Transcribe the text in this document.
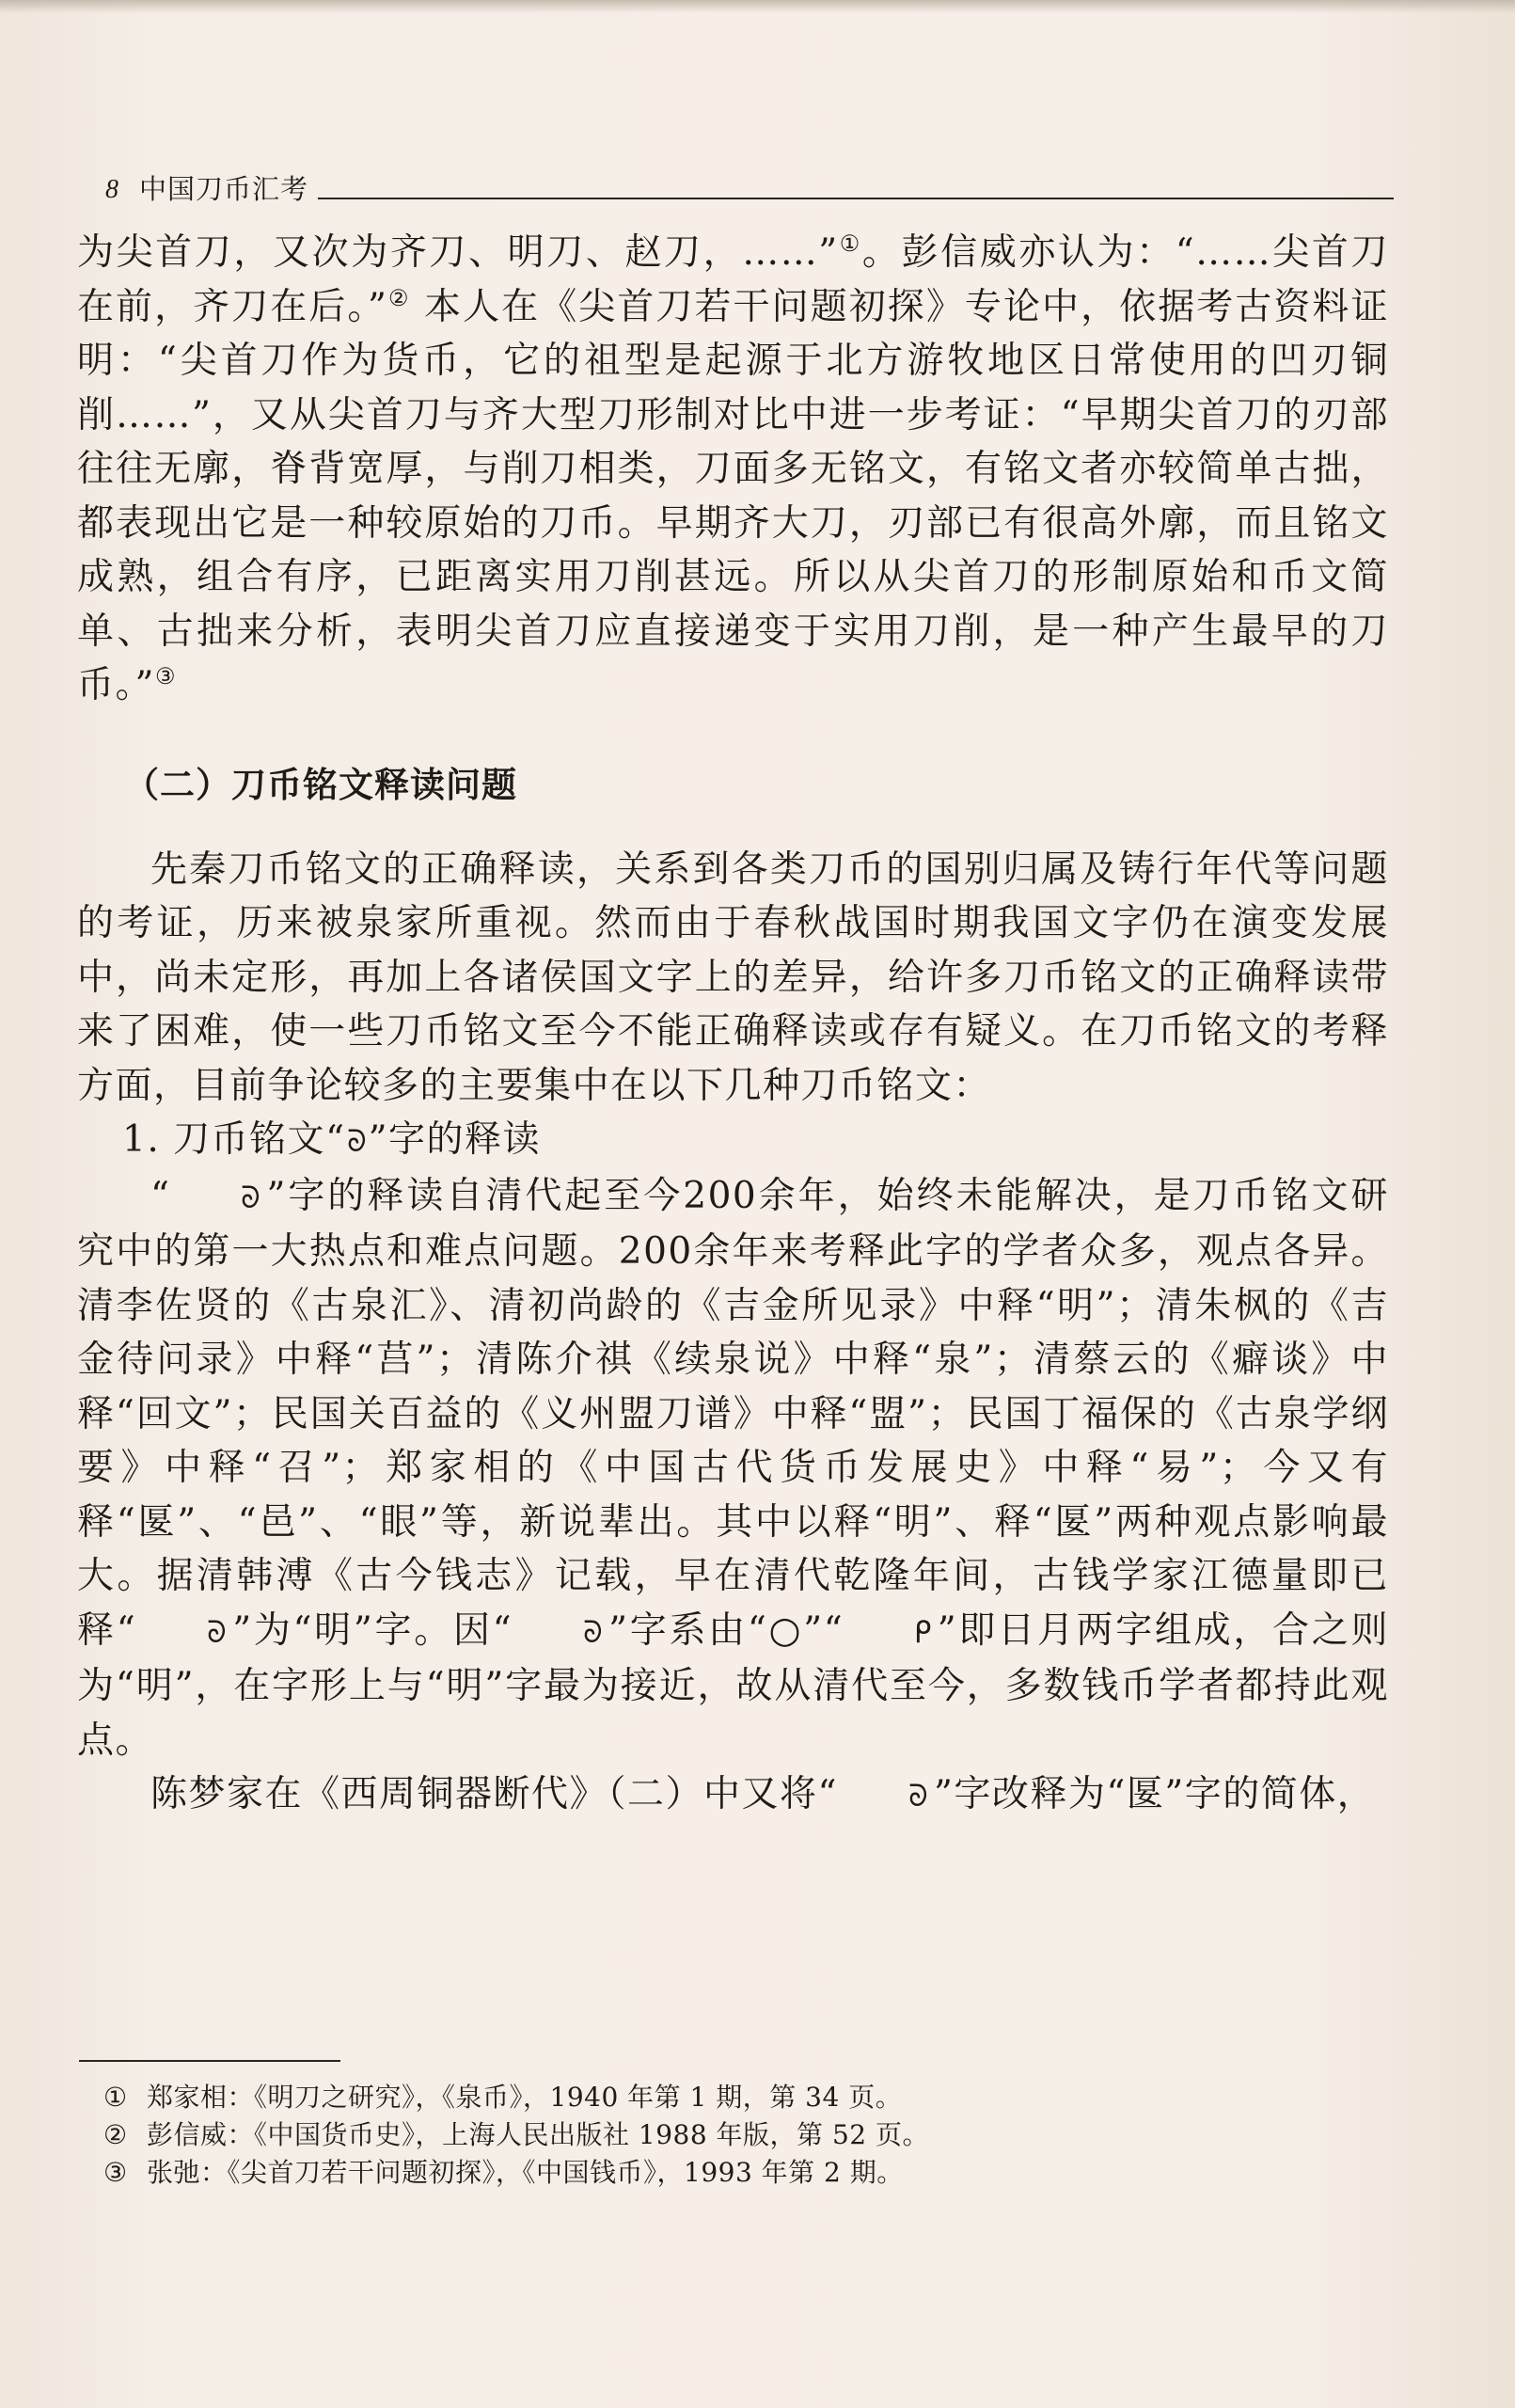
8 中国刀币汇考

为尖首刀，又次为齐刀、明刀、赵刀，……”①。彭信威亦认为：“……尖首刀在前，齐刀在后。”② 本人在《尖首刀若干问题初探》专论中，依据考古资料证明：“尖首刀作为货币，它的祖型是起源于北方游牧地区日常使用的凹刃铜削……”，又从尖首刀与齐大型刀形制对比中进一步考证：“早期尖首刀的刃部往往无廓，脊背宽厚，与削刀相类，刀面多无铭文，有铭文者亦较简单古拙，都表现出它是一种较原始的刀币。早期齐大刀，刃部已有很高外廓，而且铭文成熟，组合有序，已距离实用刀削甚远。所以从尖首刀的形制原始和币文简单、古拙来分析，表明尖首刀应直接递变于实用刀削，是一种产生最早的刀币。”③

（二）刀币铭文释读问题

先秦刀币铭文的正确释读，关系到各类刀币的国别归属及铸行年代等问题的考证，历来被泉家所重视。然而由于春秋战国时期我国文字仍在演变发展中，尚未定形，再加上各诸侯国文字上的差异，给许多刀币铭文的正确释读带来了困难，使一些刀币铭文至今不能正确释读或存有疑义。在刀币铭文的考释方面，目前争论较多的主要集中在以下几种刀币铭文：

1. 刀币铭文“ᘐ”字的释读

“ ᘐ ”字的释读自清代起至今200余年，始终未能解决，是刀币铭文研究中的第一大热点和难点问题。200余年来考释此字的学者众多，观点各异。清李佐贤的《古泉汇》、清初尚龄的《吉金所见录》中释“明”；清朱枫的《吉金待问录》中释“莒”；清陈介祺《续泉说》中释“泉”；清蔡云的《癖谈》中释“回文”；民国关百益的《义州盟刀谱》中释“盟”；民国丁福保的《古泉学纲要》中释“召”；郑家相的《中国古代货币发展史》中释“易”；今又有释“匽”、“邑”、“眼”等，新说辈出。其中以释“明”、释“匽”两种观点影响最大。据清韩溥《古今钱志》记载，早在清代乾隆年间，古钱学家江德量即已释“ ᘐ ”为“明”字。因“ ᘐ ”字系由“○”“ ᑭ ”即日月两字组成，合之则为“明”，在字形上与“明”字最为接近，故从清代至今，多数钱币学者都持此观点。

陈梦家在《西周铜器断代》（二）中又将“ ᘐ ”字改释为“匽”字的简体，

① 郑家相：《明刀之研究》，《泉币》，1940 年第 1 期，第 34 页。
② 彭信威：《中国货币史》，上海人民出版社 1988 年版，第 52 页。
③ 张弛：《尖首刀若干问题初探》，《中国钱币》，1993 年第 2 期。
